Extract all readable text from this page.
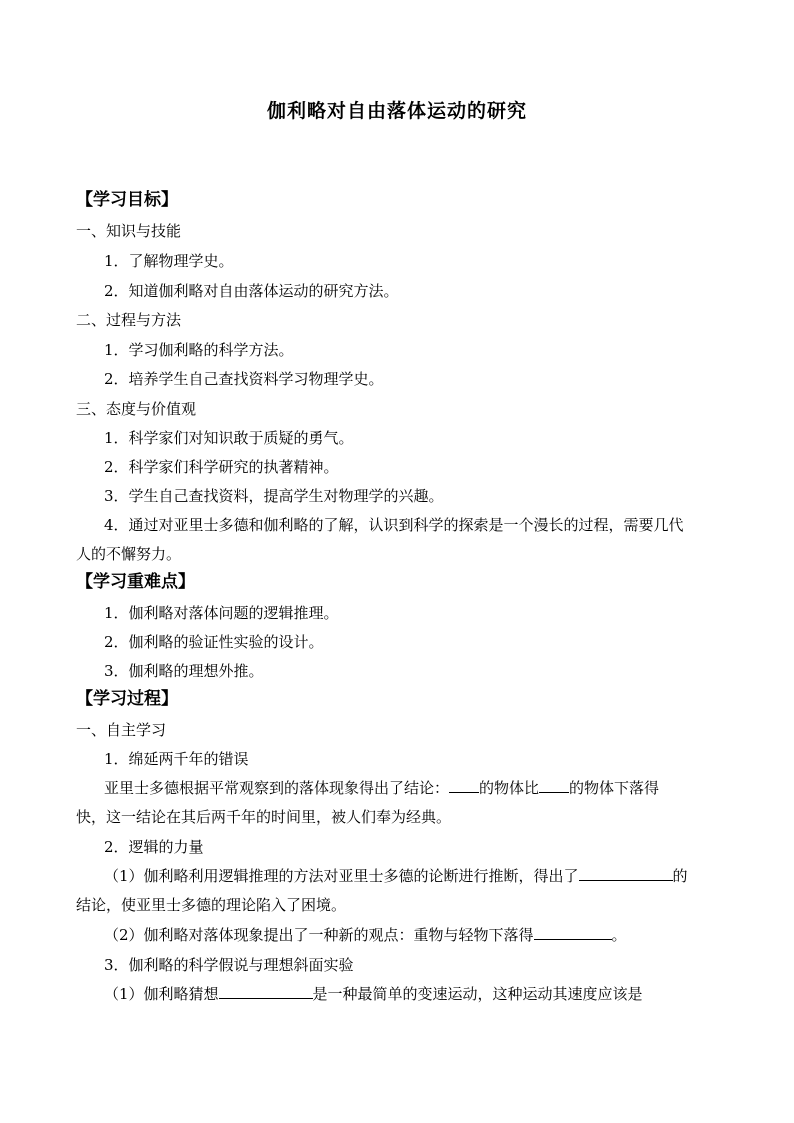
伽利略对自由落体运动的研究
【学习目标】
一、知识与技能
1．了解物理学史。
2．知道伽利略对自由落体运动的研究方法。
二、过程与方法
1．学习伽利略的科学方法。
2．培养学生自己查找资料学习物理学史。
三、态度与价值观
1．科学家们对知识敢于质疑的勇气。
2．科学家们科学研究的执著精神。
3．学生自己查找资料，提高学生对物理学的兴趣。
4．通过对亚里士多德和伽利略的了解，认识到科学的探索是一个漫长的过程，需要几代
人的不懈努力。
【学习重难点】
1．伽利略对落体问题的逻辑推理。
2．伽利略的验证性实验的设计。
3．伽利略的理想外推。
【学习过程】
一、自主学习
1．绵延两千年的错误
亚里士多德根据平常观察到的落体现象得出了结论： 的物体比 的物体下落得
快，这一结论在其后两千年的时间里，被人们奉为经典。
2．逻辑的力量
（1）伽利略利用逻辑推理的方法对亚里士多德的论断进行推断，得出了	的
结论，使亚里士多德的理论陷入了困境。
（2）伽利略对落体现象提出了一种新的观点：重物与轻物下落得	。
3．伽利略的科学假说与理想斜面实验
（1）伽利略猜想	是一种最简单的变速运动，这种运动其速度应该是
